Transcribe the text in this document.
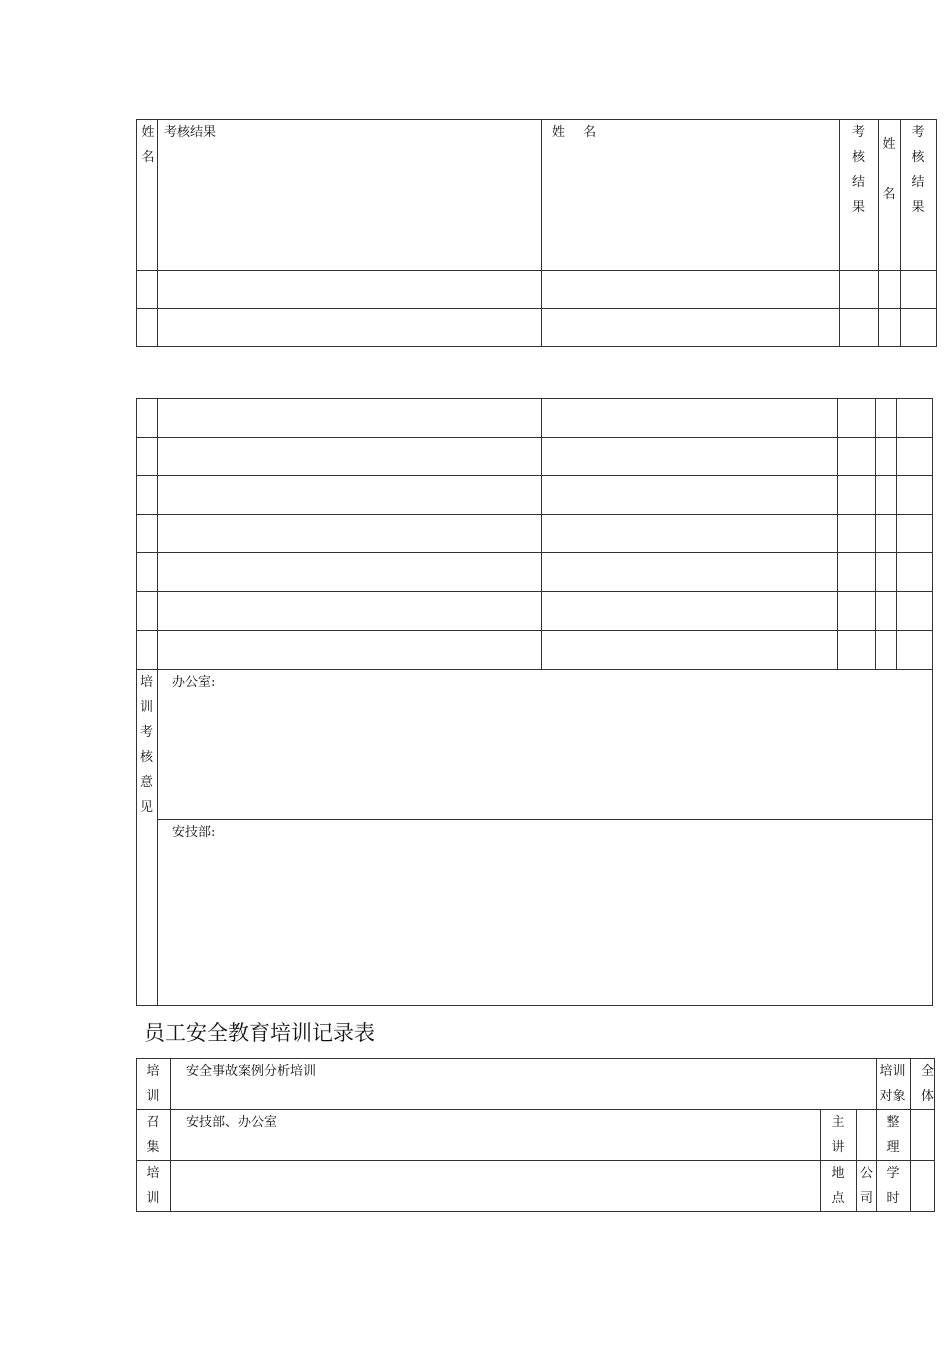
姓名	考核结果	姓 名	考核结果	姓名	考核结果

培训考核意见	办公室:				
	安技部:				
员工安全教育培训记录表
培训	安全事故案例分析培训			培训对象	全体

召集	安技部、办公室	主讲		整理	

培训		地点	公司	学时	
